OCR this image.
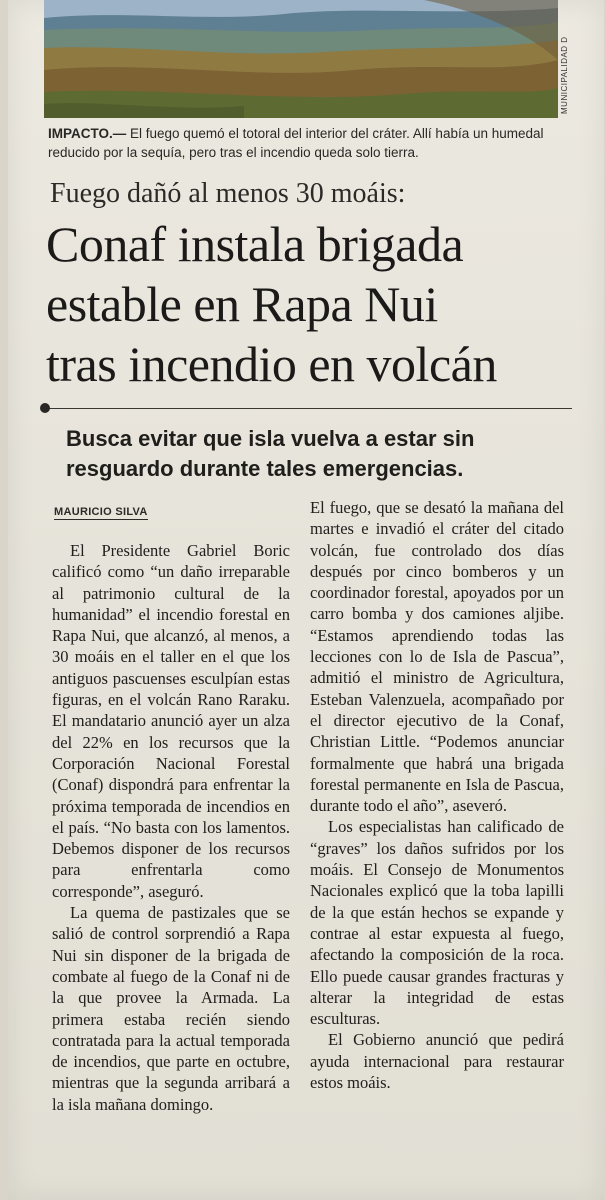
MUNICIPALIDAD D
IMPACTO.— El fuego quemó el totoral del interior del cráter. Allí había un humedal reducido por la sequía, pero tras el incendio queda solo tierra.
Fuego dañó al menos 30 moáis:
Conaf instala brigada
estable en Rapa Nui
tras incendio en volcán
Busca evitar que isla vuelva a estar sin
resguardo durante tales emergencias.
MAURICIO SILVA

El Presidente Gabriel Boric calificó como “un daño irreparable al patrimonio cultural de la humanidad” el incendio forestal en Rapa Nui, que alcanzó, al menos, a 30 moáis en el taller en el que los antiguos pascuenses esculpían estas figuras, en el volcán Rano Raraku. El mandatario anunció ayer un alza del 22% en los recursos que la Corporación Nacional Forestal (Conaf) dispondrá para enfrentar la próxima temporada de incendios en el país. “No basta con los lamentos. Debemos disponer de los recursos para enfrentarla como corresponde”, aseguró.

La quema de pastizales que se salió de control sorprendió a Rapa Nui sin disponer de la brigada de combate al fuego de la Conaf ni de la que provee la Armada. La primera estaba recién siendo contratada para la actual temporada de incendios, que parte en octubre, mientras que la segunda arribará a la isla mañana domingo.

El fuego, que se desató la mañana del martes e invadió el cráter del citado volcán, fue controlado dos días después por cinco bomberos y un coordinador forestal, apoyados por un carro bomba y dos camiones aljibe. “Estamos aprendiendo todas las lecciones con lo de Isla de Pascua”, admitió el ministro de Agricultura, Esteban Valenzuela, acompañado por el director ejecutivo de la Conaf, Christian Little. “Podemos anunciar formalmente que habrá una brigada forestal permanente en Isla de Pascua, durante todo el año”, aseveró.

Los especialistas han calificado de “graves” los daños sufridos por los moáis. El Consejo de Monumentos Nacionales explicó que la toba lapilli de la que están hechos se expande y contrae al estar expuesta al fuego, afectando la composición de la roca. Ello puede causar grandes fracturas y alterar la integridad de estas esculturas.

El Gobierno anunció que pedirá ayuda internacional para restaurar estos moáis.
